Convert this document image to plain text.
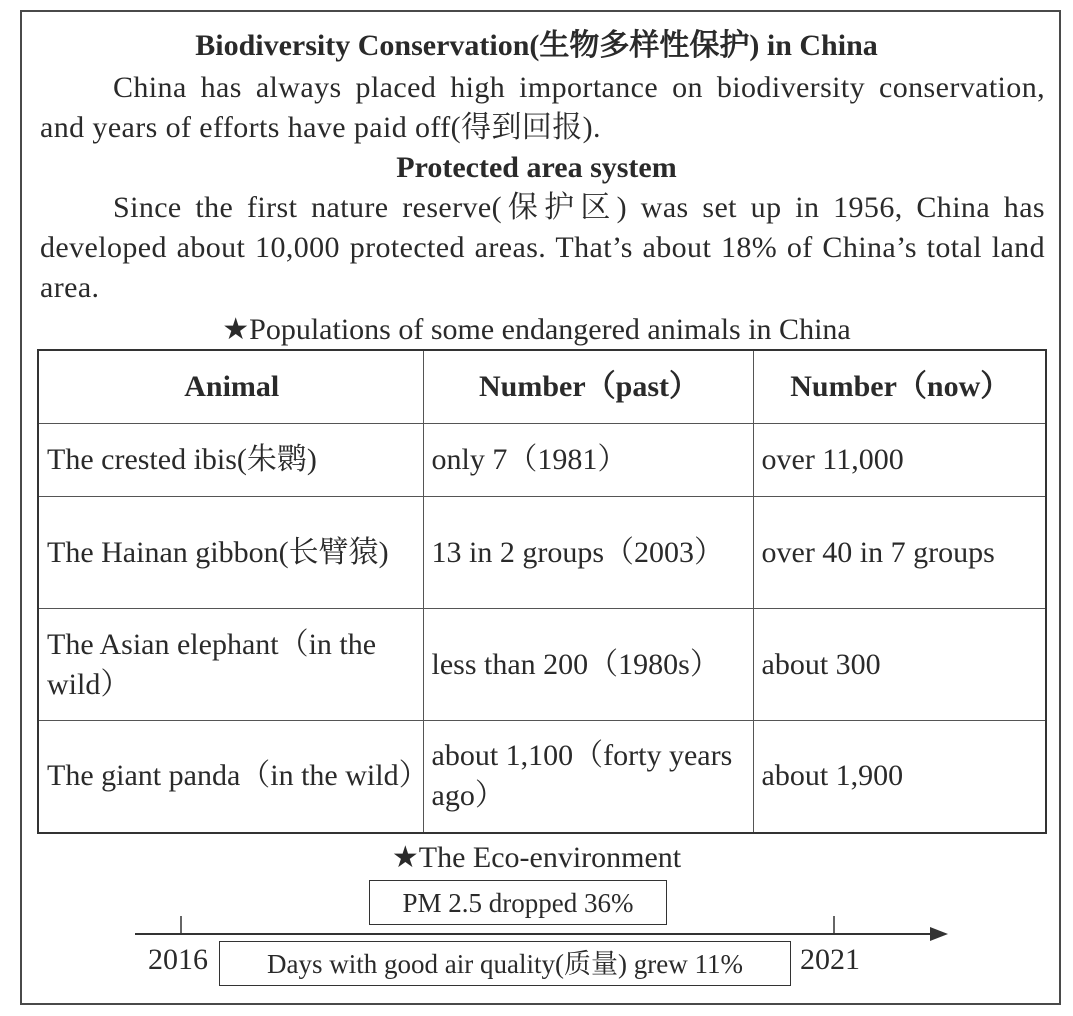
Biodiversity Conservation(生物多样性保护) in China
China has always placed high importance on biodiversity conservation, and years of efforts have paid off(得到回报).
Protected area system
Since the first nature reserve(保护区) was set up in 1956, China has developed about 10,000 protected areas. That’s about 18% of China’s total land area.
★Populations of some endangered animals in China
Animal	Number（past）	Number（now）
The crested ibis(朱鹮)	only 7（1981）	over 11,000
The Hainan gibbon(长臂猿)	13 in 2 groups（2003）	over 40 in 7 groups
The Asian elephant（in the wild）	less than 200（1980s）	about 300
The giant panda（in the wild）	about 1,100（forty years ago）	about 1,900
★The Eco-environment
PM 2.5 dropped 36%
Days with good air quality(质量) grew 11%
2016	2021
